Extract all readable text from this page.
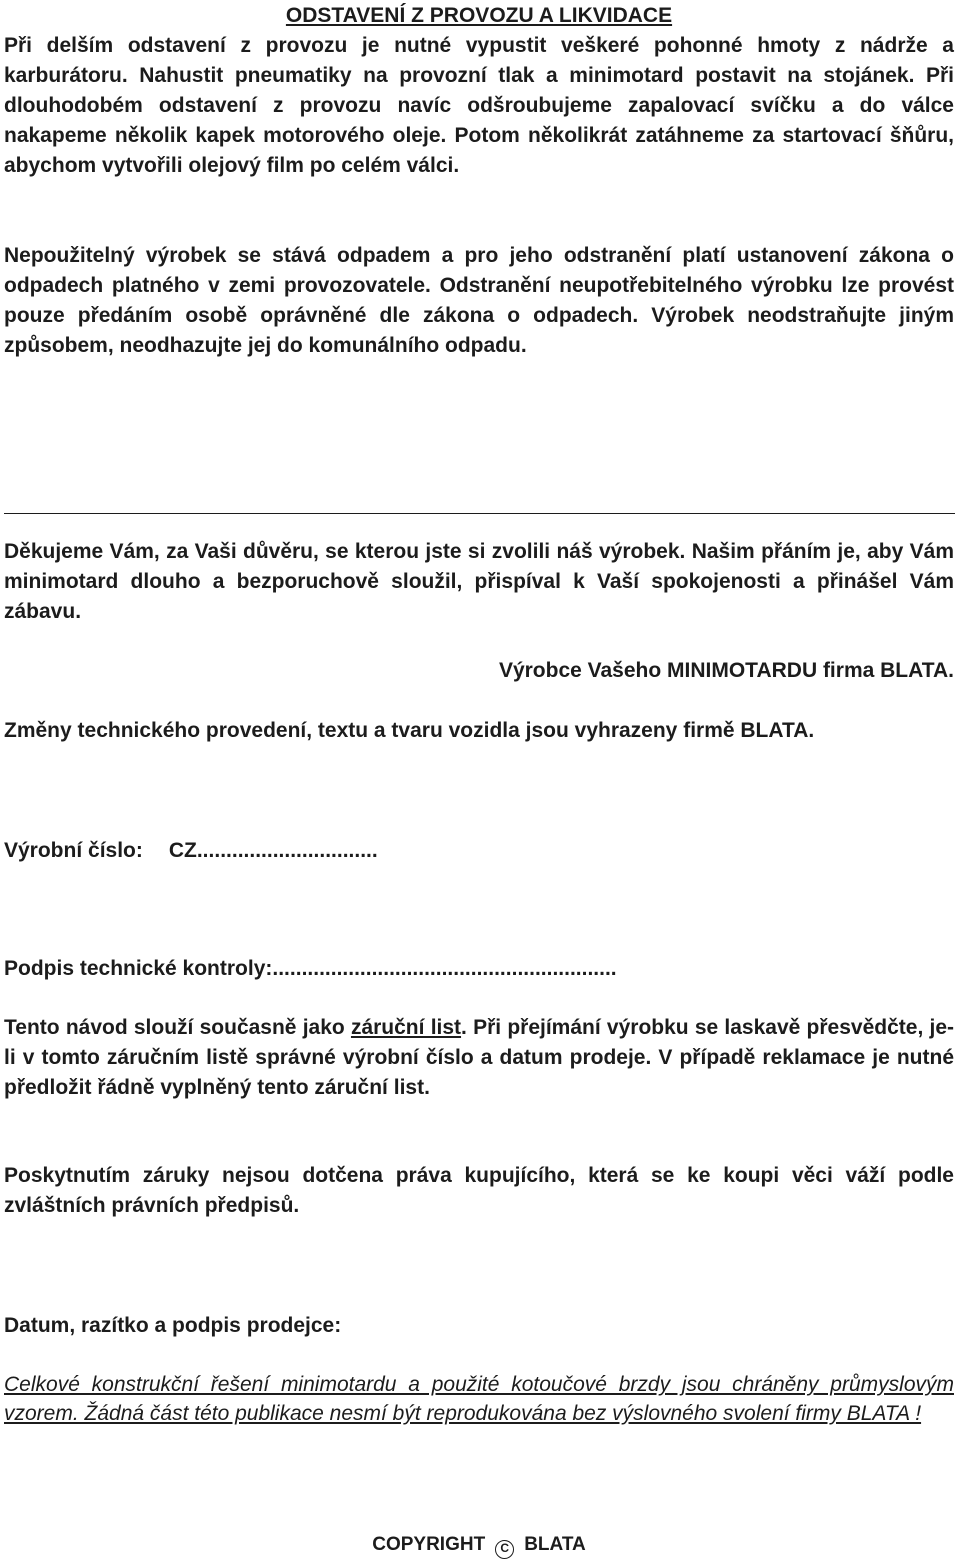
ODSTAVENÍ Z PROVOZU A LIKVIDACE

Při delším odstavení z provozu je nutné vypustit veškeré pohonné hmoty z nádrže a karburátoru. Nahustit pneumatiky na provozní tlak a minimotard postavit na stojánek. Při dlouhodobém odstavení z provozu navíc odšroubujeme zapalovací svíčku a do válce nakapeme několik kapek motorového oleje. Potom několikrát zatáhneme za startovací šňůru, abychom vytvořili olejový film po celém válci.

Nepoužitelný výrobek se stává odpadem a pro jeho odstranění platí ustanovení zákona o odpadech platného v zemi provozovatele. Odstranění neupotřebitelného výrobku lze provést pouze předáním osobě oprávněné dle zákona o odpadech. Výrobek neodstraňujte jiným způsobem, neodhazujte jej do komunálního odpadu.

Děkujeme Vám, za Vaši důvěru, se kterou jste si zvolili náš výrobek. Našim přáním je, aby Vám minimotard dlouho a bezporuchově sloužil, přispíval k Vaší spokojenosti a přinášel Vám zábavu.

Výrobce Vašeho MINIMOTARDU firma BLATA.

Změny technického provedení, textu a tvaru vozidla jsou vyhrazeny firmě BLATA.

Výrobní číslo: CZ...............................

Podpis technické kontroly:...........................................................

Tento návod slouží současně jako záruční list. Při přejímání výrobku se laskavě přesvědčte, je-li v tomto záručním listě správné výrobní číslo a datum prodeje. V případě reklamace je nutné předložit řádně vyplněný tento záruční list.

Poskytnutím záruky nejsou dotčena práva kupujícího, která se ke koupi věci váží podle zvláštních právních předpisů.

Datum, razítko a podpis prodejce:

Celkové konstrukční řešení minimotardu a použité kotoučové brzdy jsou chráněny průmyslovým vzorem. Žádná část této publikace nesmí být reprodukována bez výslovného svolení firmy BLATA !

COPYRIGHT C BLATA
